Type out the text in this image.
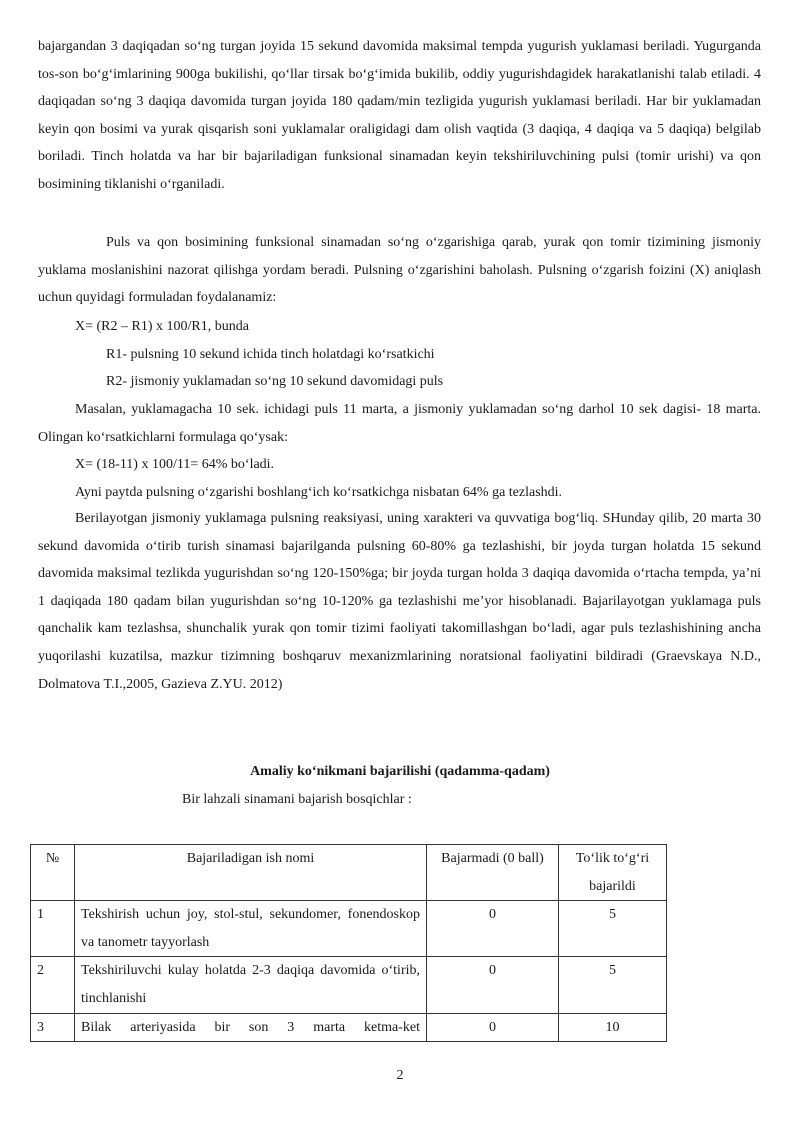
bajargandan 3 daqiqadan so‘ng turgan joyida 15 sekund davomida maksimal tempda yugurish yuklamasi beriladi. Yugurganda tos-son bo‘g‘imlarining 900ga bukilishi, qo‘llar tirsak bo‘g‘imida bukilib, oddiy yugurishdagidek harakatlanishi talab etiladi. 4 daqiqadan so‘ng 3 daqiqa davomida turgan joyida 180 qadam/min tezligida yugurish yuklamasi beriladi. Har bir yuklamadan keyin qon bosimi va yurak qisqarish soni yuklamalar oraligidagi dam olish vaqtida (3 daqiqa, 4 daqiqa va 5 daqiqa) belgilab boriladi. Tinch holatda va har bir bajariladigan funksional sinamadan keyin tekshiriluvchining pulsi (tomir urishi) va qon bosimining tiklanishi o‘rganiladi.

Puls va qon bosimining funksional sinamadan so‘ng o‘zgarishiga qarab, yurak qon tomir tizimining jismoniy yuklama moslanishini nazorat qilishga yordam beradi. Pulsning o‘zgarishini baholash. Pulsning o‘zgarish foizini (X) aniqlash uchun quyidagi formuladan foydalanamiz:

X= (R2 – R1) x 100/R1, bunda
R1- pulsning 10 sekund ichida tinch holatdagi ko‘rsatkichi
R2- jismoniy yuklamadan so‘ng 10 sekund davomidagi puls

Masalan, yuklamagacha 10 sek. ichidagi puls 11 marta, a jismoniy yuklamadan so‘ng darhol 10 sek dagisi- 18 marta. Olingan ko‘rsatkichlarni formulaga qo‘ysak:

X= (18-11) x 100/11= 64% bo‘ladi.
Ayni paytda pulsning o‘zgarishi boshlang‘ich ko‘rsatkichga nisbatan 64% ga tezlashdi.

Berilayotgan jismoniy yuklamaga pulsning reaksiyasi, uning xarakteri va quvvatiga bog‘liq. SHunday qilib, 20 marta 30 sekund davomida o‘tirib turish sinamasi bajarilganda pulsning 60-80% ga tezlashishi, bir joyda turgan holatda 15 sekund davomida maksimal tezlikda yugurishdan so‘ng 120-150%ga; bir joyda turgan holda 3 daqiqa davomida o‘rtacha tempda, ya’ni 1 daqiqada 180 qadam bilan yugurishdan so‘ng 10-120% ga tezlashishi me’yor hisoblanadi. Bajarilayotgan yuklamaga puls qanchalik kam tezlashsa, shunchalik yurak qon tomir tizimi faoliyati takomillashgan bo‘ladi, agar puls tezlashishining ancha yuqorilashi kuzatilsa, mazkur tizimning boshqaruv mexanizmlarining noratsional faoliyatini bildiradi (Graevskaya N.D., Dolmatova T.I.,2005, Gazieva Z.YU. 2012)

Amaliy ko‘nikmani bajarilishi (qadamma-qadam)
Bir lahzali sinamani bajarish bosqichlar :
№	Bajariladigan ish nomi	Bajarmadi (0 ball)	To‘lik to‘g‘ri bajarildi
1	Tekshirish uchun joy, stol-stul, sekundomer, fonendoskop va tanometr tayyorlash	0	5
2	Tekshiriluvchi kulay holatda 2-3 daqiqa davomida o‘tirib, tinchlanishi	0	5
3	Bilak arteriyasida bir son 3 marta ketma-ket	0	10
2
